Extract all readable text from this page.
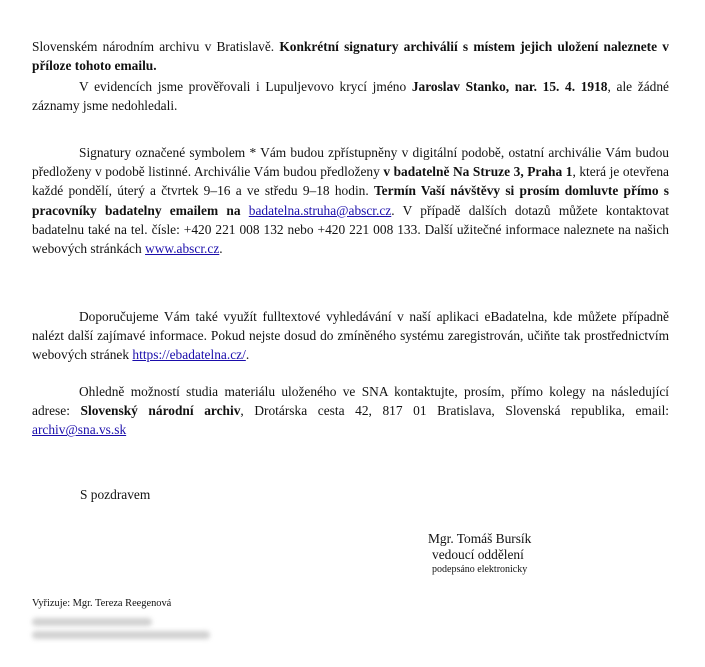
Slovenském národním archivu v Bratislavě. Konkrétní signatury archiválií s místem jejich uložení naleznete v příloze tohoto emailu.

V evidencích jsme prověřovali i Lupuljevovo krycí jméno Jaroslav Stanko, nar. 15. 4. 1918, ale žádné záznamy jsme nedohledali.

Signatury označené symbolem * Vám budou zpřístupněny v digitální podobě, ostatní archiválie Vám budou předloženy v podobě listinné. Archiválie Vám budou předloženy v badatelně Na Struze 3, Praha 1, která je otevřena každé pondělí, úterý a čtvrtek 9–16 a ve středu 9–18 hodin. Termín Vaší návštěvy si prosím domluvte přímo s pracovníky badatelny emailem na badatelna.struha@abscr.cz. V případě dalších dotazů můžete kontaktovat badatelnu také na tel. čísle: +420 221 008 132 nebo +420 221 008 133. Další užitečné informace naleznete na našich webových stránkách www.abscr.cz.

Doporučujeme Vám také využít fulltextové vyhledávání v naší aplikaci eBadatelna, kde můžete případně nalézt další zajímavé informace. Pokud nejste dosud do zmíněného systému zaregistrován, učiňte tak prostřednictvím webových stránek https://ebadatelna.cz/.

Ohledně možností studia materiálu uloženého ve SNA kontaktujte, prosím, přímo kolegy na následující adrese: Slovenský národní archiv, Drotárska cesta 42, 817 01 Bratislava, Slovenská republika, email: archiv@sna.vs.sk

S pozdravem

Mgr. Tomáš Bursík
vedoucí oddělení
podepsáno elektronicky

Vyřizuje: Mgr. Tereza Reegenová
